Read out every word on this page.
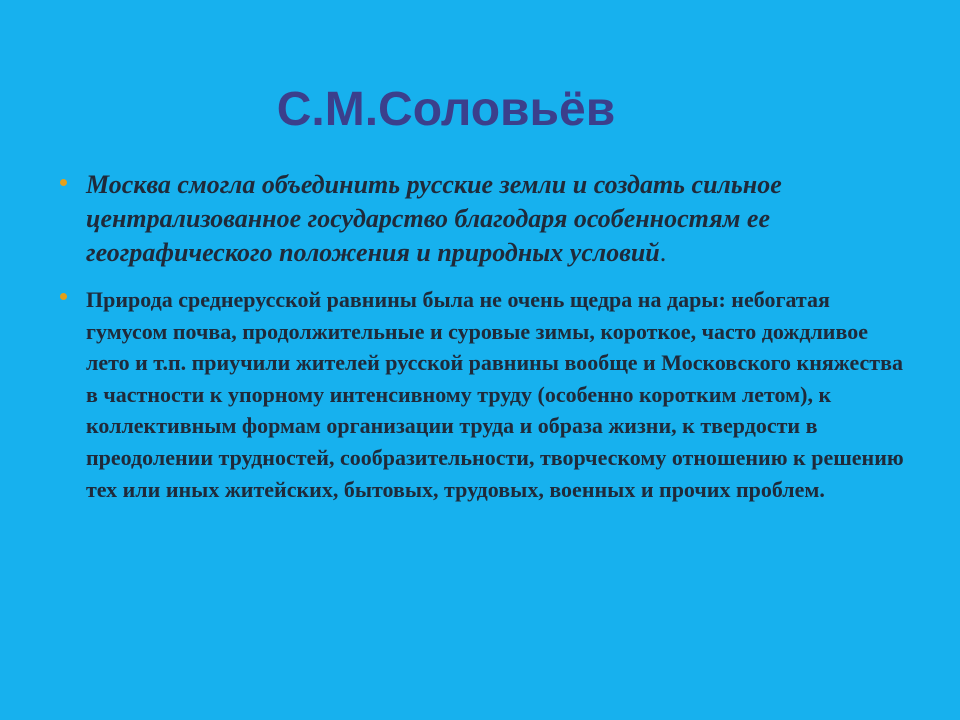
С.М.Соловьёв
Москва смогла объединить русские земли и создать сильное централизованное государство благодаря особенностям ее географического положения и природных условий.
Природа среднерусской равнины была не очень щедра на дары: небогатая гумусом почва, продолжительные и суровые зимы, короткое, часто дождливое лето и т.п. приучили жителей русской равнины вообще и Московского княжества в частности к упорному интенсивному труду (особенно коротким летом), к коллективным формам организации труда и образа жизни, к твердости в преодолении трудностей, сообразительности, творческому отношению к решению тех или иных житейских, бытовых, трудовых, военных и прочих проблем.
